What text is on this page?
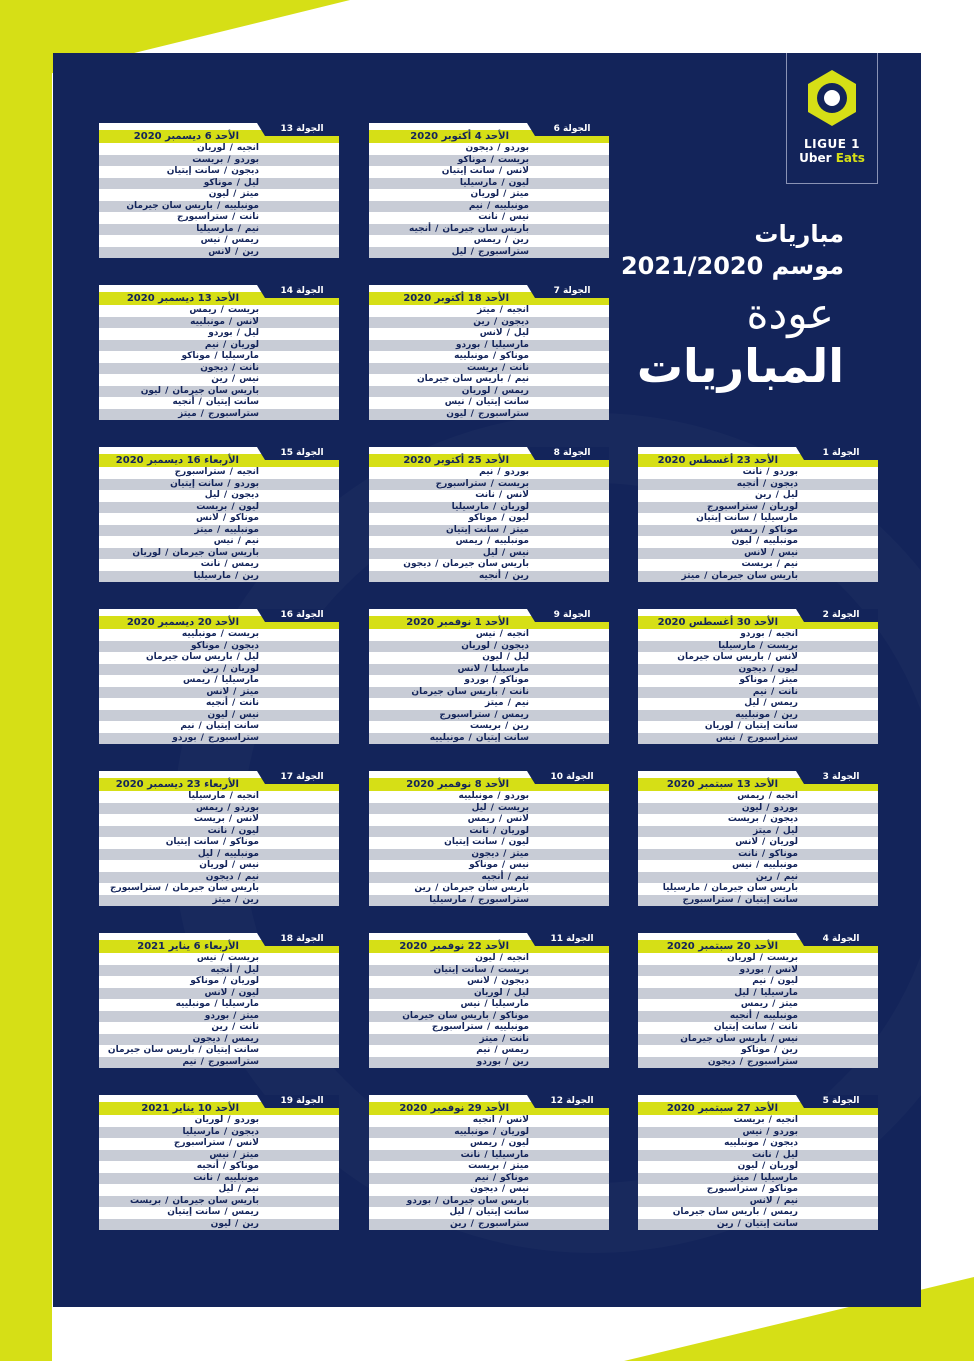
LIGUE 1
Uber Eats
مباريات
موسم 2021/2020
عودة
المباريات
الأحد 23 أغسطس 2020
الجولة 1
بوردو/نانت
ديجون/أنجيه
ليل/رين
لوريان/ستراسبورج
مارسيليا/سانت إيتيان
موناكو/ريمس
مونبلييه/ليون
نيس/لانس
نيم/بريست
باريس سان جيرمان/ميتز
الأحد 30 أغسطس 2020
الجولة 2
أنجيه/بوردو
بريست/مارسيليا
لانس/باريس سان جيرمان
ليون/ديجون
ميتز/موناكو
نانت/نيم
ريمس/ليل
رين/مونبلييه
سانت إيتيان/لوريان
ستراسبورج/نيس
الأحد 13 سبتمبر 2020
الجولة 3
أنجيه/ريمس
بوردو/ليون
ديجون/بريست
ليل/ميتز
لوريان/لانس
موناكو/نانت
مونبلييه/نيس
نيم/رين
باريس سان جيرمان/مارسيليا
سانت إيتيان/ستراسبورج
الأحد 20 سبتمبر 2020
الجولة 4
بريست/لوريان
لانس/بوردو
ليون/نيم
مارسيليا/ليل
ميتز/ريمس
مونبلييه/أنجيه
نانت/سانت إيتيان
نيس/باريس سان جيرمان
رين/موناكو
ستراسبورج/ديجون
الأحد 27 سبتمبر 2020
الجولة 5
أنجيه/بريست
بوردو/نيس
ديجون/مونبلييه
ليل/نانت
لوريان/ليون
مارسيليا/ميتز
موناكو/ستراسبورج
نيم/لانس
ريمس/باريس سان جيرمان
سانت إيتيان/رين
الأحد 4 أكتوبر 2020
الجولة 6
بوردو/ديجون
بريست/موناكو
لانس/سانت إيتيان
ليون/مارسيليا
ميتز/لوريان
مونبلييه/نيم
نيس/نانت
باريس سان جيرمان/أنجيه
رين/ريمس
ستراسبورج/ليل
الأحد 18 أكتوبر 2020
الجولة 7
أنجيه/ميتز
ديجون/رين
ليل/لانس
مارسيليا/بوردو
موناكو/مونبلييه
نانت/بريست
نيم/باريس سان جيرمان
ريمس/لوريان
سانت إيتيان/نيس
ستراسبورج/ليون
الأحد 25 أكتوبر 2020
الجولة 8
بوردو/نيم
بريست/ستراسبورج
لانس/نانت
لوريان/مارسيليا
ليون/موناكو
ميتز/سانت إيتيان
مونبلييه/ريمس
نيس/ليل
باريس سان جيرمان/ديجون
رين/أنجيه
الأحد 1 نوفمبر 2020
الجولة 9
أنجيه/نيس
ديجون/لوريان
ليل/ليون
مارسيليا/لانس
موناكو/بوردو
نانت/باريس سان جيرمان
نيم/ميتز
ريمس/ستراسبورج
رين/بريست
سانت إيتيان/مونبلييه
الأحد 8 نوفمبر 2020
الجولة 10
بوردو/مونبلييه
بريست/ليل
لانس/ريمس
لوريان/نانت
ليون/سانت إيتيان
ميتز/ديجون
نيس/موناكو
نيم/أنجيه
باريس سان جيرمان/رين
ستراسبورج/مارسيليا
الأحد 22 نوفمبر 2020
الجولة 11
أنجيه/ليون
بريست/سانت إيتيان
ديجون/لانس
ليل/لوريان
مارسيليا/نيس
موناكو/باريس سان جيرمان
مونبلييه/ستراسبورج
نانت/ميتز
ريمس/نيم
رين/بوردو
الأحد 29 نوفمبر 2020
الجولة 12
لانس/أنجيه
لوريان/مونبلييه
ليون/ريمس
مارسيليا/نانت
ميتز/بريست
موناكو/نيم
نيس/ديجون
باريس سان جيرمان/بوردو
سانت إيتيان/ليل
ستراسبورج/رين
الأحد 6 ديسمبر 2020
الجولة 13
أنجيه/لوريان
بوردو/بريست
ديجون/سانت إيتيان
ليل/موناكو
ميتز/ليون
مونبلييه/باريس سان جيرمان
نانت/ستراسبورج
نيم/مارسيليا
ريمس/نيس
رين/لانس
الأحد 13 ديسمبر 2020
الجولة 14
بريست/ريمس
لانس/مونبلييه
ليل/بوردو
لوريان/نيم
مارسيليا/موناكو
نانت/ديجون
نيس/رين
باريس سان جيرمان/ليون
سانت إيتيان/أنجيه
ستراسبورج/ميتز
الأربعاء 16 ديسمبر 2020
الجولة 15
أنجيه/ستراسبورج
بوردو/سانت إيتيان
ديجون/ليل
ليون/بريست
موناكو/لانس
مونبلييه/ميتز
نيم/نيس
باريس سان جيرمان/لوريان
ريمس/نانت
رين/مارسيليا
الأحد 20 ديسمبر 2020
الجولة 16
بريست/مونبلييه
ديجون/موناكو
ليل/باريس سان جيرمان
لوريان/رين
مارسيليا/ريمس
ميتز/لانس
نانت/أنجيه
نيس/ليون
سانت إيتيان/نيم
ستراسبورج/بوردو
الأربعاء 23 ديسمبر 2020
الجولة 17
أنجيه/مارسيليا
بوردو/ريمس
لانس/بريست
ليون/نانت
موناكو/سانت إيتيان
مونبلييه/ليل
نيس/لوريان
نيم/ديجون
باريس سان جيرمان/ستراسبورج
رين/ميتز
الأربعاء 6 يناير 2021
الجولة 18
بريست/نيس
ليل/أنجيه
لوريان/موناكو
ليون/لانس
مارسيليا/مونبلييه
ميتز/بوردو
نانت/رين
ريمس/ديجون
سانت إيتيان/باريس سان جيرمان
ستراسبورج/نيم
الأحد 10 يناير 2021
الجولة 19
بوردو/لوريان
ديجون/مارسيليا
لانس/ستراسبورج
ميتز/نيس
موناكو/أنجيه
مونبلييه/نانت
نيم/ليل
باريس سان جيرمان/بريست
ريمس/سانت إيتيان
رين/ليون
